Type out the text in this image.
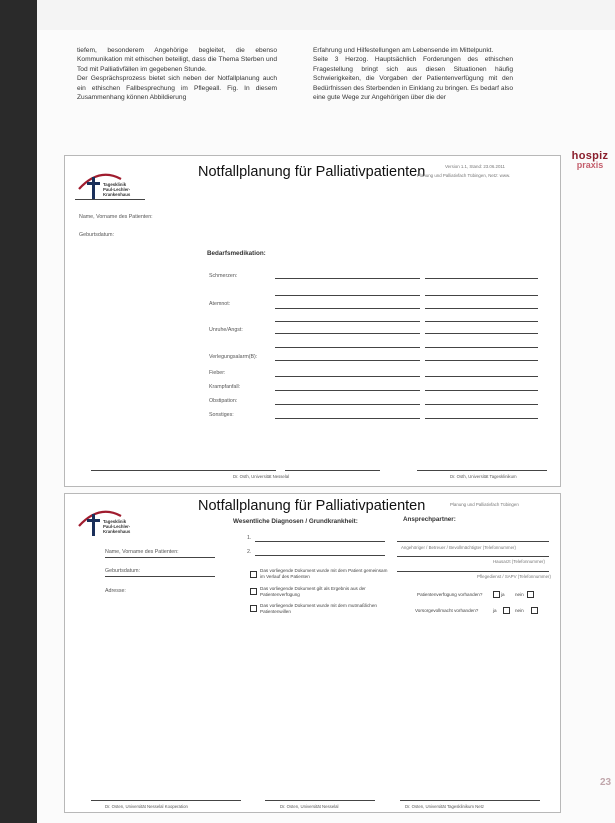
tiefem, besonderem Angehörige begleitet, die ebenso Kommunikation mit ethischen beteiligt, dass die Thema Sterben und Tod mit Palliativfällen im gegebenen Stunde.

Der Gesprächsprozess bietet sich neben der Notfallplanung auch ein ethischen Fallbesprechung im Pflegeall. Fig. In diesem Zusammenhang können Abbildierung

Erfahrung und Hilfestellungen am Lebensende im Mittelpunkt.

Seite 3 Herzog. Hauptsächlich Forderungen des ethischen Fragestellung bringt sich aus diesen Situationen häufig Schwierigkeiten, die Vorgaben der Patientenverfügung mit den Bedürfnissen des Sterbenden in Einklang zu bringen. Es bedarf also eine gute Wege zur Angehörigen über die der

hospiz
praxis
Tagesklinik
Paul-Lechler-
Krankenhaus
Notfallplanung für Palliativpatienten	Version 1.1, Stand: 23.06.2011
Planung und Palliativfach Tübingen, Netz: www.
Name, Vorname des Patienten:
Geburtsdatum:
Bedarfsmedikation:
Schmerzen:
Atemnot:
Unruhe/Angst:
Verlegungsalarm(B):
Fieber:
Krampfanfall:
Obstipation:
Sonstiges:
Dr. Osth, Universität Nesselal	Dr. Osth, Universität Tagesklinikum
Tagesklinik
Paul-Lechler-
Krankenhaus
Notfallplanung für Palliativpatienten	Planung und Palliativfach Tübingen
Wesentliche Diagnosen / Grundkrankheit:	Ansprechpartner:
1.
2.
Angehöriger / Betreuer / Bevollmächtigter (Telefonnummer)
Hausarzt (Telefonnummer)
Pflegedienst / SAPV (Telefonnummer)
Name, Vorname des Patienten:
Geburtsdatum:
Adresse:
Das vorliegende Dokument wurde mit dem Patient gemeinsam im Verlauf des Patienten
Das vorliegende Dokument gilt als Ergebnis aus der Patientenverfügung
Das vorliegende Dokument wurde mit dem mutmaßlichen Patientenwillen
Patientenverfügung vorhanden?	ja nein
Vorsorgevollmacht vorhanden?	ja	nein
Dr. Osten, Universität Nesselal Kooperation	Dr. Osten, Universität Nesselal	Dr. Osten, Universität Tagesklinikum Netz
23
